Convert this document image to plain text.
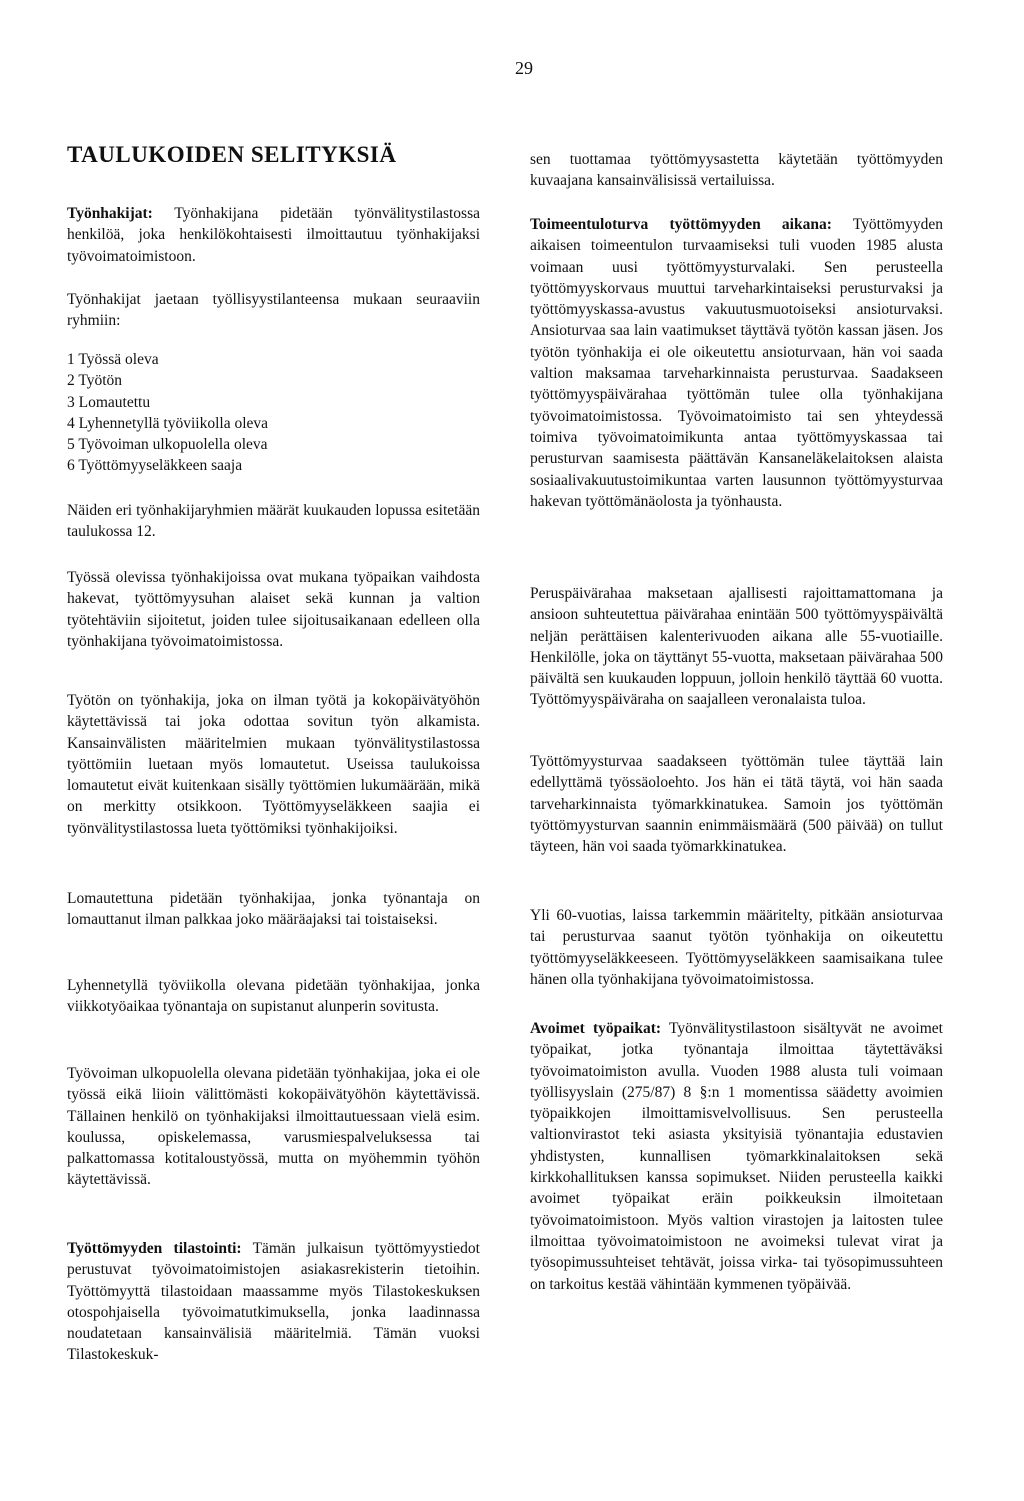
29
TAULUKOIDEN SELITYKSIÄ

Työnhakijat: Työnhakijana pidetään työnvälitystilastossa henkilöä, joka henkilökohtaisesti ilmoittautuu työnhakijaksi työvoimatoimistoon.

Työnhakijat jaetaan työllisyystilanteensa mukaan seuraaviin ryhmiin:

1 Työssä oleva
2 Työtön
3 Lomautettu
4 Lyhennetyllä työviikolla oleva
5 Työvoiman ulkopuolella oleva
6 Työttömyyseläkkeen saaja

Näiden eri työnhakijaryhmien määrät kuukauden lopussa esitetään taulukossa 12.

Työssä olevissa työnhakijoissa ovat mukana työpaikan vaihdosta hakevat, työttömyysuhan alaiset sekä kunnan ja valtion työtehtäviin sijoitetut, joiden tulee sijoitusaikanaan edelleen olla työnhakijana työvoimatoimistossa.

Työtön on työnhakija, joka on ilman työtä ja kokopäivätyöhön käytettävissä tai joka odottaa sovitun työn alkamista. Kansainvälisten määritelmien mukaan työnvälitystilastossa työttömiin luetaan myös lomautetut. Useissa taulukoissa lomautetut eivät kuitenkaan sisälly työttömien lukumäärään, mikä on merkitty otsikkoon. Työttömyyseläkkeen saajia ei työnvälitystilastossa lueta työttömiksi työnhakijoiksi.

Lomautettuna pidetään työnhakijaa, jonka työnantaja on lomauttanut ilman palkkaa joko määräajaksi tai toistaiseksi.

Lyhennetyllä työviikolla olevana pidetään työnhakijaa, jonka viikkotyöaikaa työnantaja on supistanut alunperin sovitusta.

Työvoiman ulkopuolella olevana pidetään työnhakijaa, joka ei ole työssä eikä liioin välittömästi kokopäivätyöhön käytettävissä. Tällainen henkilö on työnhakijaksi ilmoittautuessaan vielä esim. koulussa, opiskelemassa, varusmiespalveluksessa tai palkattomassa kotitaloustyössä, mutta on myöhemmin työhön käytettävissä.

Työttömyyden tilastointi: Tämän julkaisun työttömyystiedot perustuvat työvoimatoimistojen asiakasrekisterin tietoihin. Työttömyyttä tilastoidaan maassamme myös Tilastokeskuksen otospohjaisella työvoimatutkimuksella, jonka laadinnassa noudatetaan kansainvälisiä määritelmiä. Tämän vuoksi Tilastokeskuk-

sen tuottamaa työttömyysastetta käytetään työttömyyden kuvaajana kansainvälisissä vertailuissa.

Toimeentuloturva työttömyyden aikana: Työttömyyden aikaisen toimeentulon turvaamiseksi tuli vuoden 1985 alusta voimaan uusi työttömyysturvalaki. Sen perusteella työttömyyskorvaus muuttui tarveharkintaiseksi perusturvaksi ja työttömyyskassa-avustus vakuutusmuotoiseksi ansioturvaksi. Ansioturvaa saa lain vaatimukset täyttävä työtön kassan jäsen. Jos työtön työnhakija ei ole oikeutettu ansioturvaan, hän voi saada valtion maksamaa tarveharkinnaista perusturvaa. Saadakseen työttömyyspäivärahaa työttömän tulee olla työnhakijana työvoimatoimistossa. Työvoimatoimisto tai sen yhteydessä toimiva työvoimatoimikunta antaa työttömyyskassaa tai perusturvan saamisesta päättävän Kansaneläkelaitoksen alaista sosiaalivakuutustoimikuntaa varten lausunnon työttömyysturvaa hakevan työttömänäolosta ja työnhausta.

Peruspäivärahaa maksetaan ajallisesti rajoittamattomana ja ansioon suhteutettua päivärahaa enintään 500 työttömyyspäivältä neljän perättäisen kalenterivuoden aikana alle 55-vuotiaille. Henkilölle, joka on täyttänyt 55-vuotta, maksetaan päivärahaa 500 päivältä sen kuukauden loppuun, jolloin henkilö täyttää 60 vuotta. Työttömyyspäiväraha on saajalleen veronalaista tuloa.

Työttömyysturvaa saadakseen työttömän tulee täyttää lain edellyttämä työssäoloehto. Jos hän ei tätä täytä, voi hän saada tarveharkinnaista työmarkkinatukea. Samoin jos työttömän työttömyysturvan saannin enimmäismäärä (500 päivää) on tullut täyteen, hän voi saada työmarkkinatukea.

Yli 60-vuotias, laissa tarkemmin määritelty, pitkään ansioturvaa tai perusturvaa saanut työtön työnhakija on oikeutettu työttömyyseläkkeeseen. Työttömyyseläkkeen saamisaikana tulee hänen olla työnhakijana työvoimatoimistossa.

Avoimet työpaikat: Työnvälitystilastoon sisältyvät ne avoimet työpaikat, jotka työnantaja ilmoittaa täytettäväksi työvoimatoimiston avulla. Vuoden 1988 alusta tuli voimaan työllisyyslain (275/87) 8 §:n 1 momentissa säädetty avoimien työpaikkojen ilmoittamisvelvollisuus. Sen perusteella valtionvirastot teki asiasta yksityisiä työnantajia edustavien yhdistysten, kunnallisen työmarkkinalaitoksen sekä kirkkohallituksen kanssa sopimukset. Niiden perusteella kaikki avoimet työpaikat eräin poikkeuksin ilmoitetaan työvoimatoimistoon. Myös valtion virastojen ja laitosten tulee ilmoittaa työvoimatoimistoon ne avoimeksi tulevat virat ja työsopimussuhteiset tehtävät, joissa virka- tai työsopimussuhteen on tarkoitus kestää vähintään kymmenen työpäivää.
